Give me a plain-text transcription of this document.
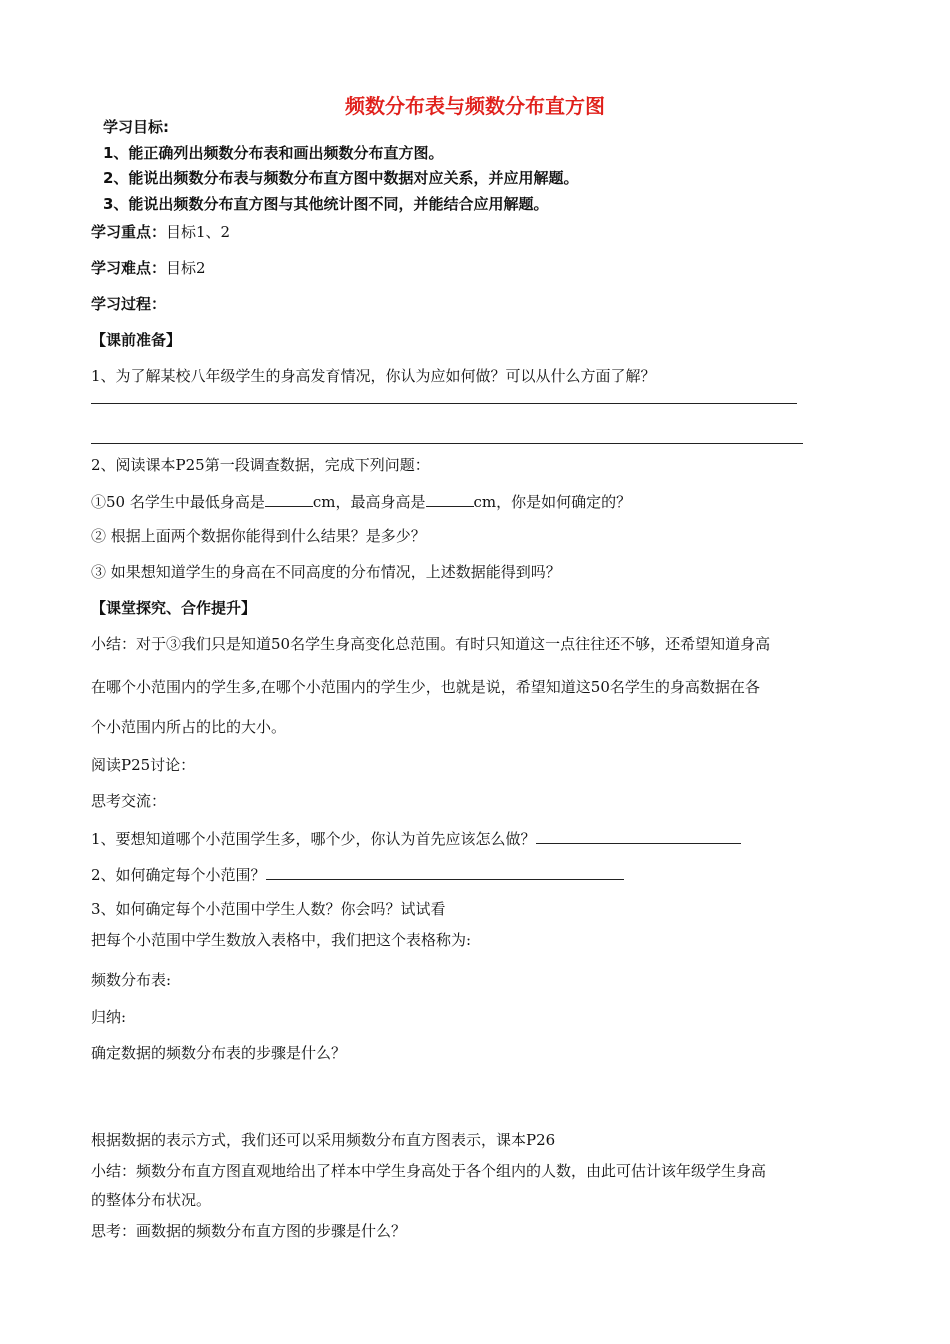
频数分布表与频数分布直方图
学习目标:
1、能正确列出频数分布表和画出频数分布直方图。
2、能说出频数分布表与频数分布直方图中数据对应关系，并应用解题。
3、能说出频数分布直方图与其他统计图不同，并能结合应用解题。
学习重点：目标1、2
学习难点：目标2
学习过程：
【课前准备】
1、为了解某校八年级学生的身高发育情况，你认为应如何做？可以从什么方面了解？
2、阅读课本P25第一段调查数据，完成下列问题：
①50 名学生中最低身高是	cm，最高身高是	cm，你是如何确定的？
② 根据上面两个数据你能得到什么结果？是多少？
③ 如果想知道学生的身高在不同高度的分布情况，上述数据能得到吗？
【课堂探究、合作提升】
小结：对于③我们只是知道50名学生身高变化总范围。有时只知道这一点往往还不够，还希望知道身高
在哪个小范围内的学生多,在哪个小范围内的学生少，也就是说，希望知道这50名学生的身高数据在各
个小范围内所占的比的大小。
阅读P25讨论：
思考交流：
1、要想知道哪个小范围学生多，哪个少，你认为首先应该怎么做？
2、如何确定每个小范围？
3、如何确定每个小范围中学生人数？你会吗？试试看
把每个小范围中学生数放入表格中，我们把这个表格称为:
频数分布表:
归纳:
确定数据的频数分布表的步骤是什么？
根据数据的表示方式，我们还可以采用频数分布直方图表示，课本P26
小结：频数分布直方图直观地给出了样本中学生身高处于各个组内的人数，由此可估计该年级学生身高
的整体分布状况。
思考：画数据的频数分布直方图的步骤是什么？
